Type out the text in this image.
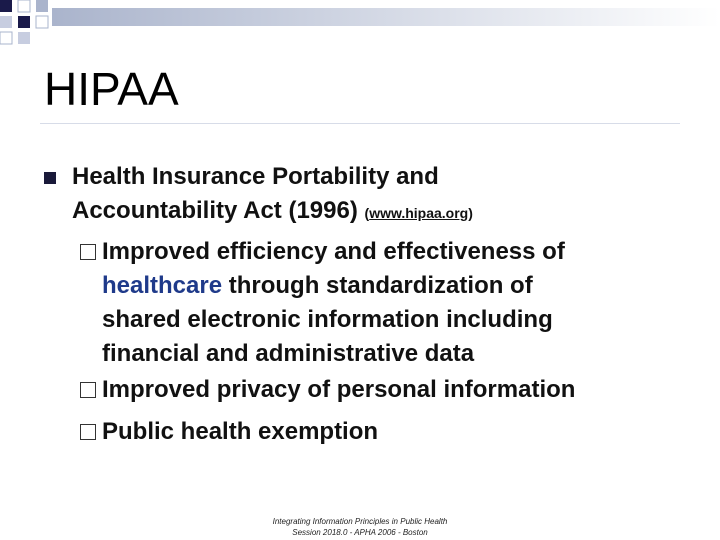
HIPAA
Health Insurance Portability and
Accountability Act (1996) (www.hipaa.org)
Improved efficiency and effectiveness of
healthcare through standardization of
shared electronic information including
financial and administrative data
Improved privacy of personal information
Public health exemption
Integrating Information Principles in Public Health
Session 2018.0 - APHA 2006 - Boston
